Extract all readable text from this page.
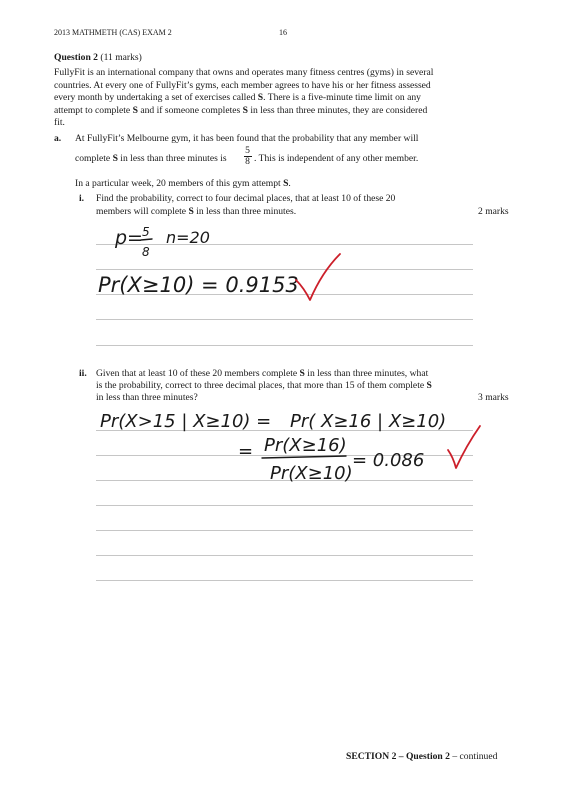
2013 MATHMETH (CAS) EXAM 2	16
Question 2 (11 marks)
FullyFit is an international company that owns and operates many fitness centres (gyms) in several
countries. At every one of FullyFit’s gyms, each member agrees to have his or her fitness assessed
every month by undertaking a set of exercises called S. There is a five-minute time limit on any
attempt to complete S and if someone completes S in less than three minutes, they are considered
fit.
a. At FullyFit’s Melbourne gym, it has been found that the probability that any member will
complete S in less than three minutes is
5
8 . This is independent of any other member.
In a particular week, 20 members of this gym attempt S.
i. Find the probability, correct to four decimal places, that at least 10 of these 20
members will complete S in less than three minutes.	2 marks
ii. Given that at least 10 of these 20 members complete S in less than three minutes, what
is the probability, correct to three decimal places, that more than 15 of them complete S
in less than three minutes?	3 marks
p= 5
8
n=20
Pr(X≥10) = 0.9153
Pr(X>15 | X≥10) = Pr( X≥16 | X≥10)
= Pr(X≥16)
Pr(X≥10)
= 0.086
SECTION 2 – Question 2 – continued
